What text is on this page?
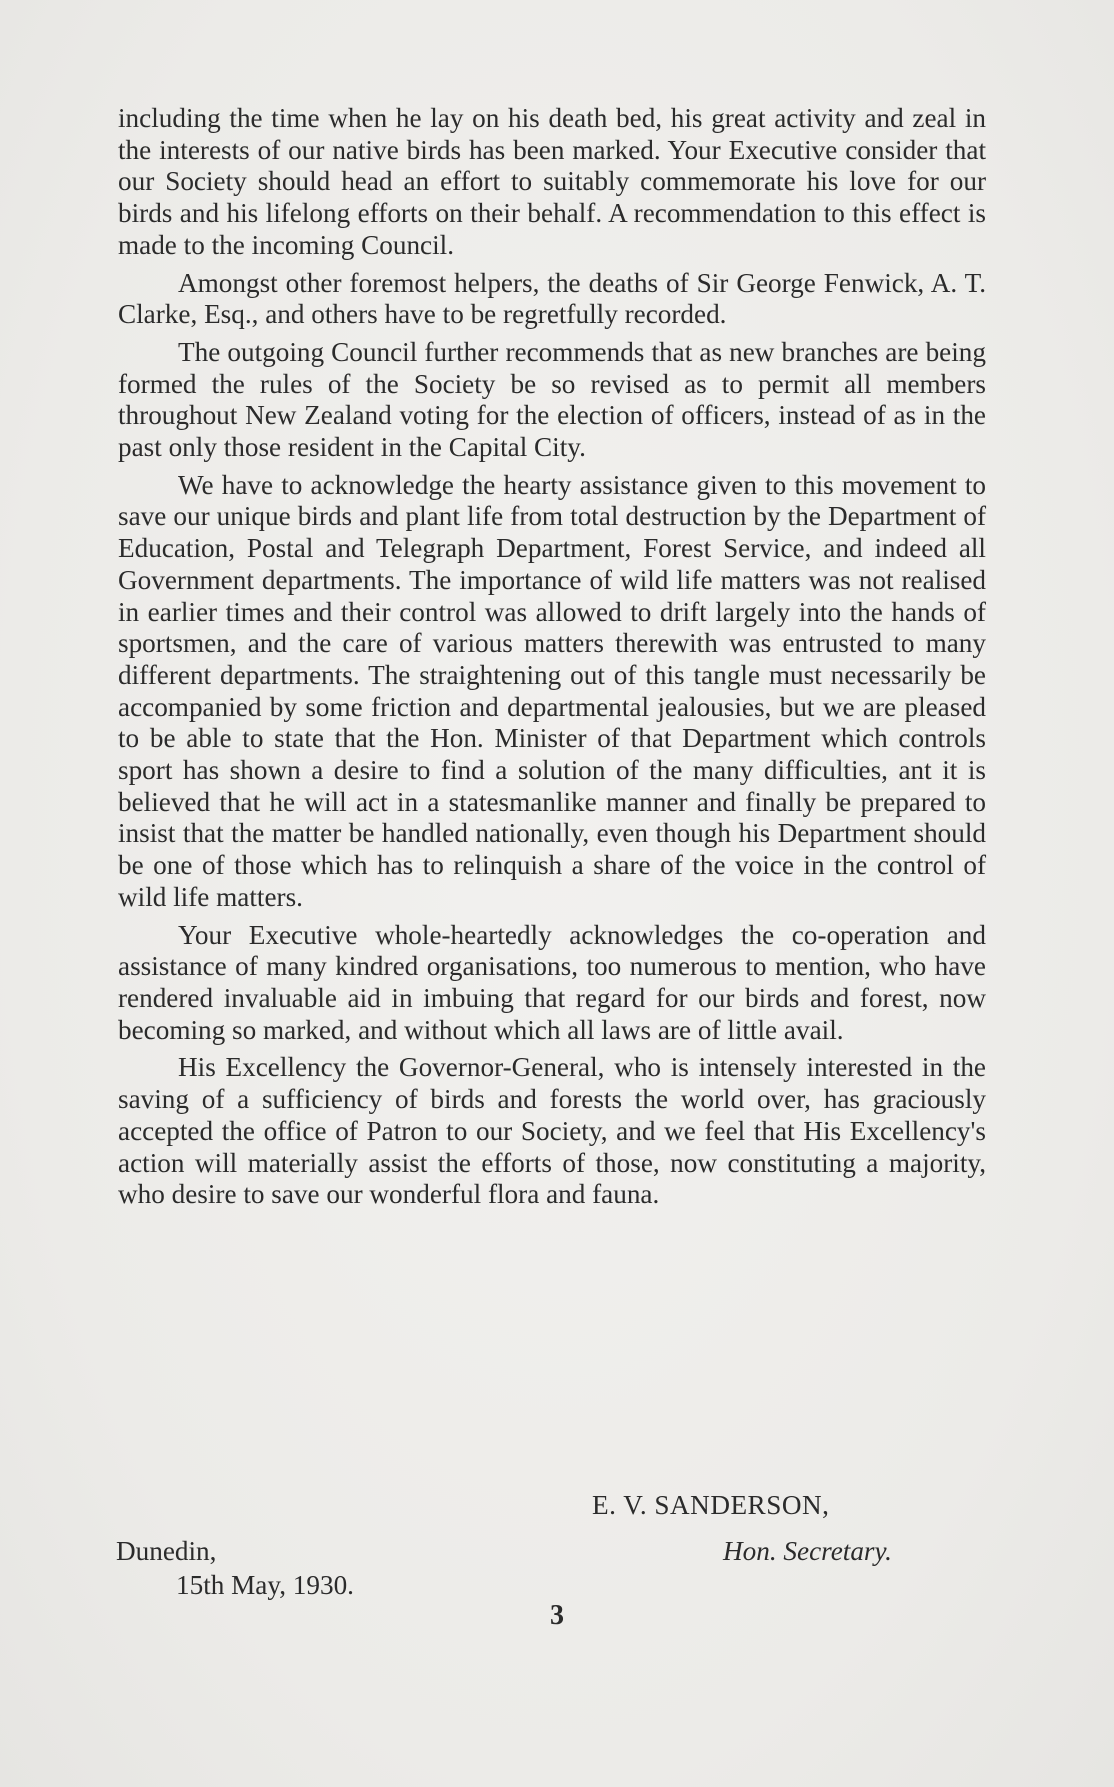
including the time when he lay on his death bed, his great activity and zeal in the interests of our native birds has been marked. Your Executive consider that our Society should head an effort to suitably commemorate his love for our birds and his lifelong efforts on their behalf. A recommendation to this effect is made to the incoming Council.

Amongst other foremost helpers, the deaths of Sir George Fenwick, A. T. Clarke, Esq., and others have to be regretfully recorded.

The outgoing Council further recommends that as new branches are being formed the rules of the Society be so revised as to permit all members throughout New Zealand voting for the election of officers, instead of as in the past only those resident in the Capital City.

We have to acknowledge the hearty assistance given to this movement to save our unique birds and plant life from total destruction by the Department of Education, Postal and Telegraph Department, Forest Service, and indeed all Government departments. The importance of wild life matters was not realised in earlier times and their control was allowed to drift largely into the hands of sportsmen, and the care of various matters therewith was entrusted to many different departments. The straightening out of this tangle must necessarily be accompanied by some friction and departmental jealousies, but we are pleased to be able to state that the Hon. Minister of that Department which controls sport has shown a desire to find a solution of the many difficulties, ant it is believed that he will act in a statesmanlike manner and finally be prepared to insist that the matter be handled nationally, even though his Department should be one of those which has to relinquish a share of the voice in the control of wild life matters.

Your Executive whole-heartedly acknowledges the co-operation and assistance of many kindred organisations, too numerous to mention, who have rendered invaluable aid in imbuing that regard for our birds and forest, now becoming so marked, and without which all laws are of little avail.

His Excellency the Governor-General, who is intensely interested in the saving of a sufficiency of birds and forests the world over, has graciously accepted the office of Patron to our Society, and we feel that His Excellency's action will materially assist the efforts of those, now constituting a majority, who desire to save our wonderful flora and fauna.

E. V. SANDERSON,
Dunedin,	Hon. Secretary.
15th May, 1930.
3
